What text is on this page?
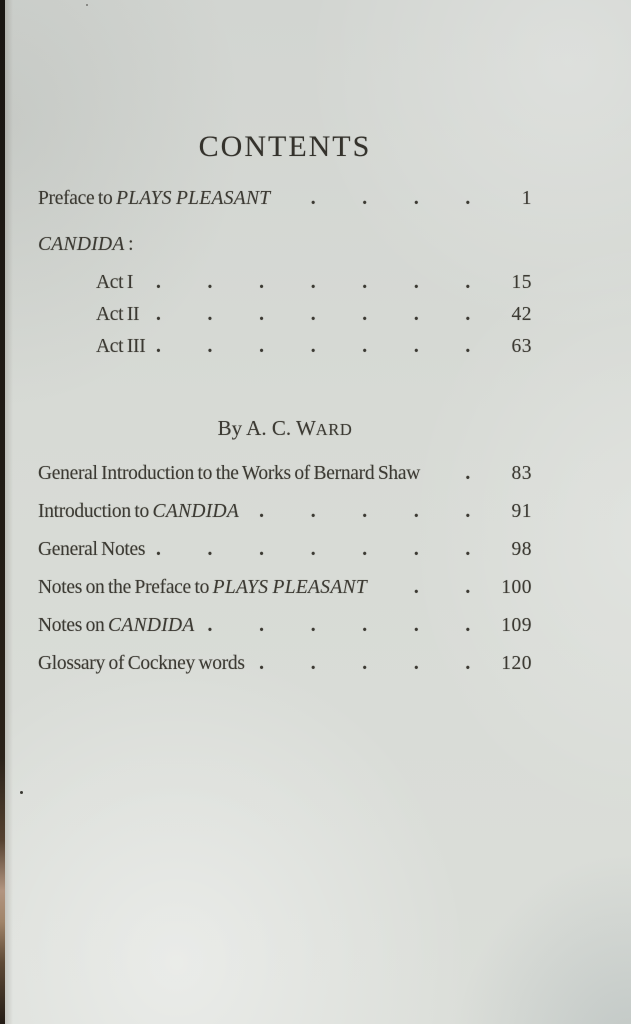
CONTENTS
Preface to PLAYS PLEASANT . . . .	1
CANDIDA :
Act I . . . . . . .	15
Act II . . . . . . .	42
Act III . . . . . . .	63
By A. C. WARD
General Introduction to the Works of Bernard Shaw .	83
Introduction to CANDIDA . . . . .	91
General Notes . . . . . . .	98
Notes on the Preface to PLAYS PLEASANT . .	100
Notes on CANDIDA . . . . . .	109
Glossary of Cockney words . . . . .	120
